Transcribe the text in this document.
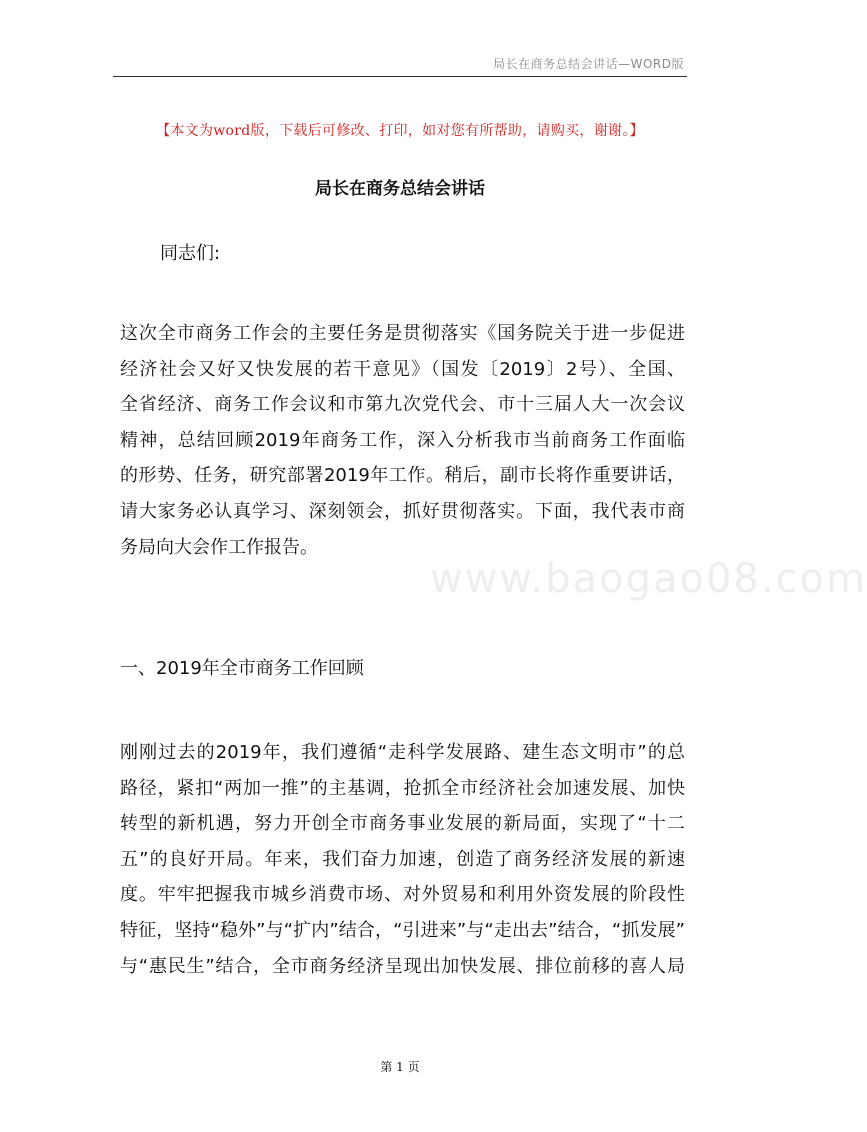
局长在商务总结会讲话—WORD版
【本文为word版，下载后可修改、打印，如对您有所帮助，请购买，谢谢。】
局长在商务总结会讲话
同志们:
www.baogao08.com
这次全市商务工作会的主要任务是贯彻落实《国务院关于进一步促进
经济社会又好又快发展的若干意见》（国发〔2019〕2号）、全国、
全省经济、商务工作会议和市第九次党代会、市十三届人大一次会议
精神，总结回顾2019年商务工作，深入分析我市当前商务工作面临
的形势、任务，研究部署2019年工作。稍后，副市长将作重要讲话，
请大家务必认真学习、深刻领会，抓好贯彻落实。下面，我代表市商
务局向大会作工作报告。
一、2019年全市商务工作回顾
刚刚过去的2019年，我们遵循“走科学发展路、建生态文明市”的总
路径，紧扣“两加一推”的主基调，抢抓全市经济社会加速发展、加快
转型的新机遇，努力开创全市商务事业发展的新局面，实现了“十二
五”的良好开局。年来，我们奋力加速，创造了商务经济发展的新速
度。牢牢把握我市城乡消费市场、对外贸易和利用外资发展的阶段性
特征，坚持“稳外”与“扩内”结合，“引进来”与“走出去”结合，“抓发展”
与“惠民生”结合，全市商务经济呈现出加快发展、排位前移的喜人局
第 1 页
